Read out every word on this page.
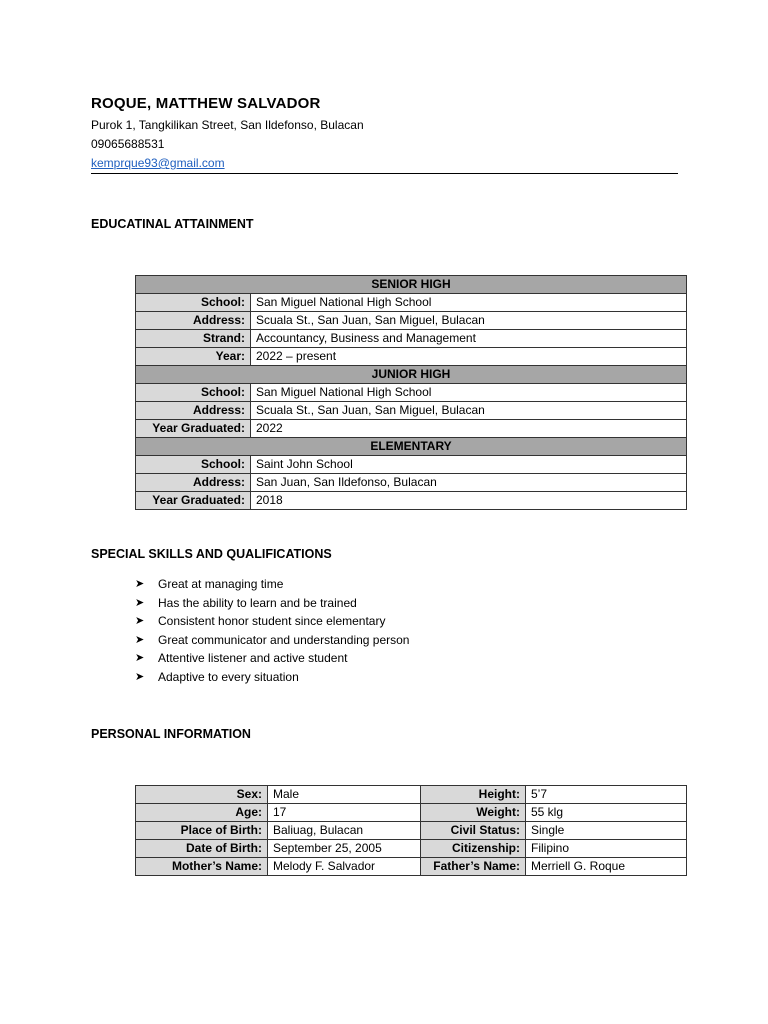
ROQUE, MATTHEW SALVADOR
Purok 1, Tangkilikan Street, San Ildefonso, Bulacan
09065688531
kemprque93@gmail.com
EDUCATINAL ATTAINMENT
SENIOR HIGH	
School:	San Miguel National High School
Address:	Scuala St., San Juan, San Miguel, Bulacan
Strand:	Accountancy, Business and Management
Year:	2022 – present
JUNIOR HIGH	
School:	San Miguel National High School
Address:	Scuala St., San Juan, San Miguel, Bulacan
Year Graduated:	2022
ELEMENTARY	
School:	Saint John School
Address:	San Juan, San Ildefonso, Bulacan
Year Graduated:	2018
SPECIAL SKILLS AND QUALIFICATIONS
➤	Great at managing time
➤	Has the ability to learn and be trained
➤	Consistent honor student since elementary
➤	Great communicator and understanding person
➤	Attentive listener and active student
➤	Adaptive to every situation
PERSONAL INFORMATION
Sex:	Male	Height:	5’7
Age:	17	Weight:	55 klg
Place of Birth:	Baliuag, Bulacan	Civil Status:	Single
Date of Birth:	September 25, 2005	Citizenship:	Filipino
Mother’s Name:	Melody F. Salvador	Father’s Name:	Merriell G. Roque
